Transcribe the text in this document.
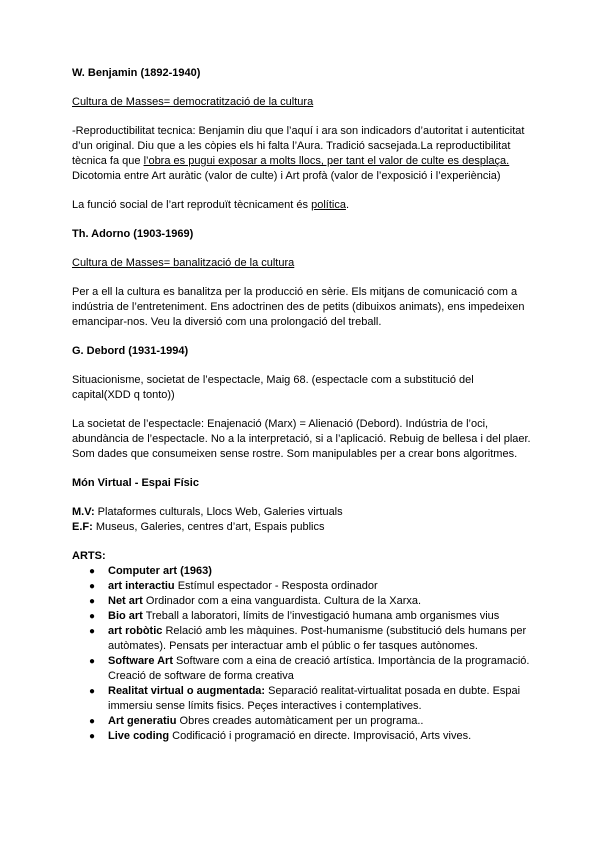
W. Benjamin (1892-1940)

Cultura de Masses= democratització de la cultura

-Reproductibilitat tecnica: Benjamin diu que l’aquí i ara son indicadors d’autoritat i autenticitat d’un original. Diu que a les còpies els hi falta l’Aura. Tradició sacsejada.La reproductibilitat tècnica fa que l’obra es pugui exposar a molts llocs, per tant el valor de culte es desplaça.

Dicotomia entre Art auràtic (valor de culte) i Art profà (valor de l’exposició i l’experiència)

La funció social de l’art reproduït tècnicament és política.

Th. Adorno (1903-1969)

Cultura de Masses= banalització de la cultura

Per a ell la cultura es banalitza per la producció en sèrie. Els mitjans de comunicació com a indústria de l’entreteniment. Ens adoctrinen des de petits (dibuixos animats), ens impedeixen emancipar-nos. Veu la diversió com una prolongació del treball.

G. Debord (1931-1994)

Situacionisme, societat de l’espectacle, Maig 68. (espectacle com a substitució del capital(XDD q tonto))

La societat de l’espectacle: Enajenació (Marx) = Alienació (Debord). Indústria de l’oci, abundància de l’espectacle. No a la interpretació, si a l’aplicació. Rebuig de bellesa i del plaer. Som dades que consumeixen sense rostre. Som manipulables per a crear bons algoritmes.

Món Virtual - Espai Físic

M.V: Plataformes culturals, Llocs Web, Galeries virtuals

E.F: Museus, Galeries, centres d’art, Espais publics

ARTS:

● Computer art (1963)
● art interactiu Estímul espectador - Resposta ordinador
● Net art Ordinador com a eina vanguardista. Cultura de la Xarxa.
● Bio art Treball a laboratori, límits de l’investigació humana amb organismes vius
● art robòtic Relació amb les màquines. Post-humanisme (substitució dels humans per autòmates). Pensats per interactuar amb el públic o fer tasques autònomes.
● Software Art Software com a eina de creació artística. Importància de la programació. Creació de software de forma creativa
● Realitat virtual o augmentada: Separació realitat-virtualitat posada en dubte. Espai immersiu sense límits fisics. Peçes interactives i contemplatives.
● Art generatiu Obres creades automàticament per un programa..
● Live coding Codificació i programació en directe. Improvisació, Arts vives.
